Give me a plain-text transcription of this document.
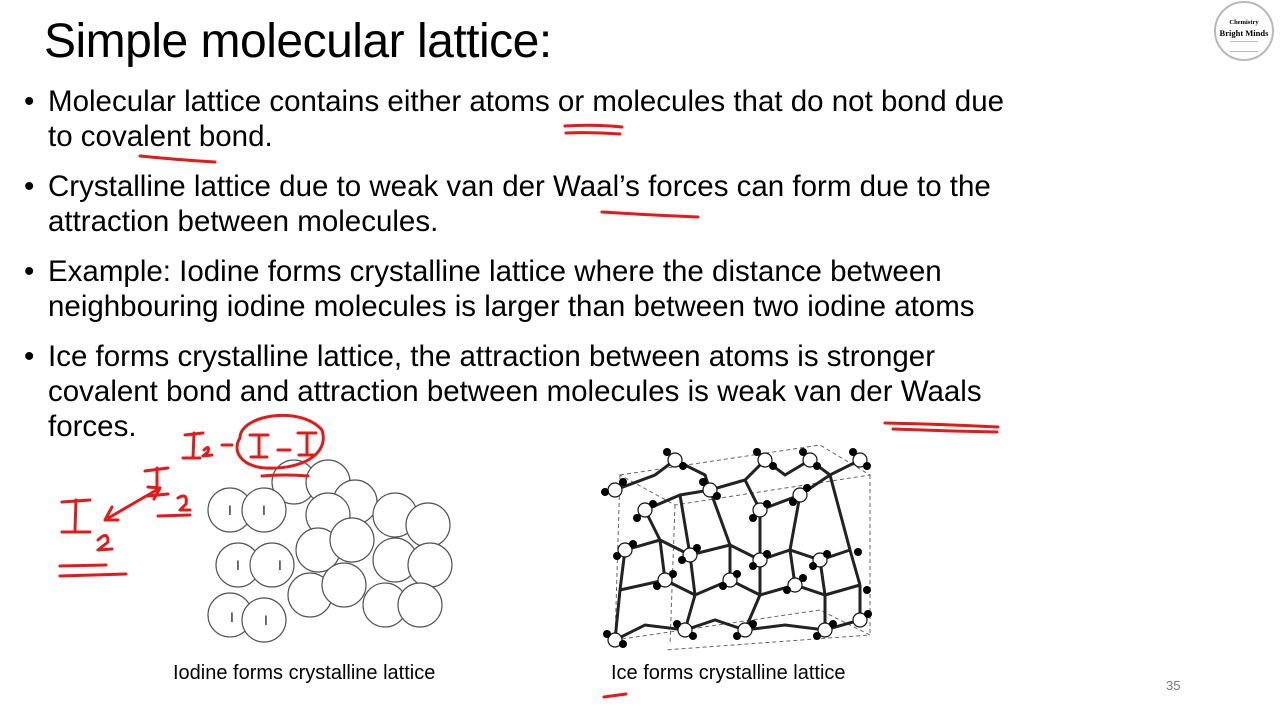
Simple molecular lattice:
• Molecular lattice contains either atoms or molecules that do not bond due
to covalent bond.
• Crystalline lattice due to weak van der Waal’s forces can form due to the
attraction between molecules.
• Example: Iodine forms crystalline lattice where the distance between
neighbouring iodine molecules is larger than between two iodine atoms
• Ice forms crystalline lattice, the attraction between atoms is stronger
covalent bond and attraction between molecules is weak van der Waals
forces.
I I
I	I
I I
Iodine forms crystalline lattice	Ice forms crystalline lattice
35
Chemistry
Bright Minds
